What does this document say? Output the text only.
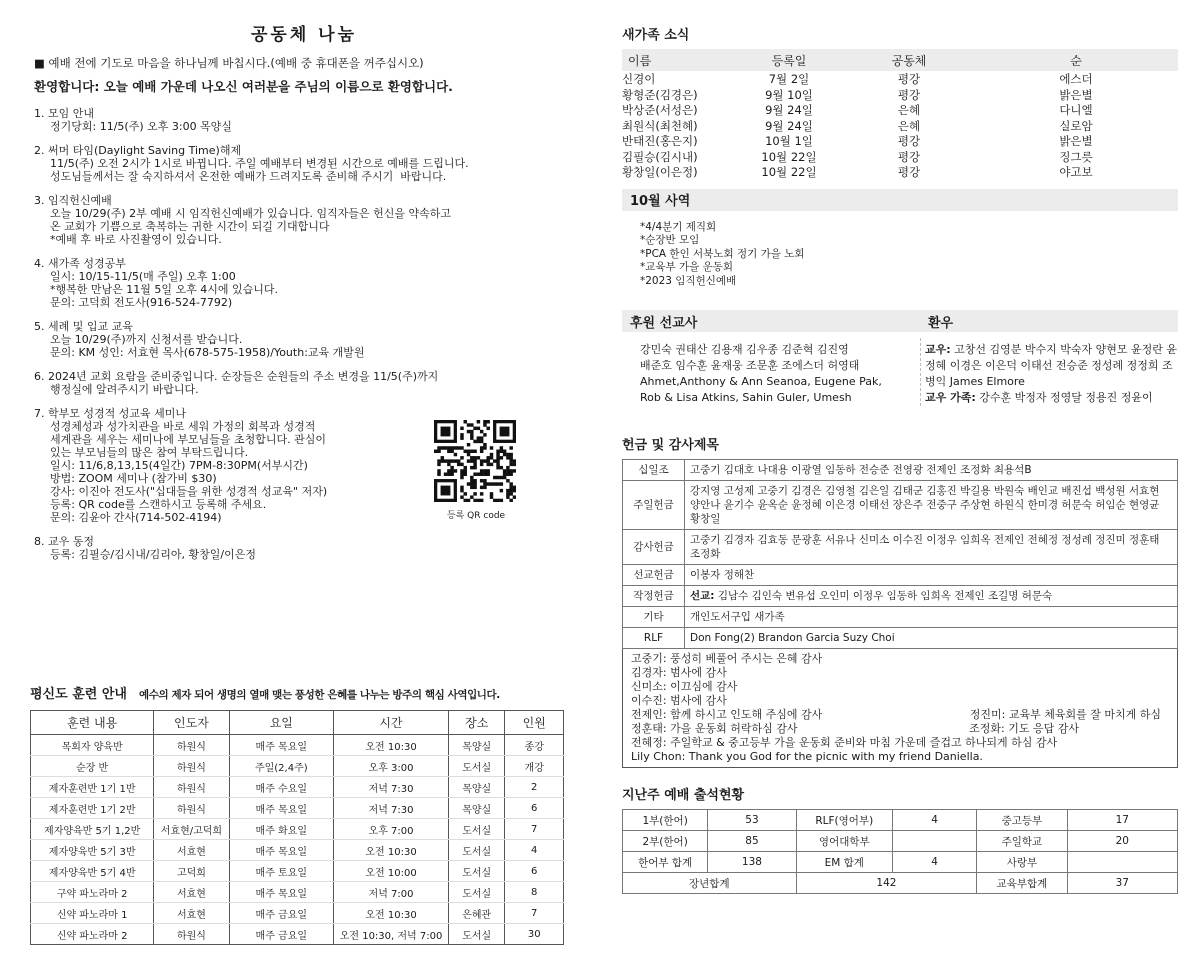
공동체 나눔
■ 예배 전에 기도로 마음을 하나님께 바칩시다.(예배 중 휴대폰을 꺼주십시오)
환영합니다: 오늘 예배 가운데 나오신 여러분을 주님의 이름으로 환영합니다.
1. 모임 안내
정기당회: 11/5(주) 오후 3:00 목양실
2. 써머 타임(Daylight Saving Time)해제
11/5(주) 오전 2시가 1시로 바뀝니다. 주일 예배부터 변경된 시간으로 예배를 드립니다.
성도님들께서는 잘 숙지하셔서 온전한 예배가 드려지도록 준비해 주시기  바랍니다.
3. 임직헌신예배
오늘 10/29(주) 2부 예배 시 임직헌신예배가 있습니다. 임직자들은 헌신을 약속하고
온 교회가 기쁨으로 축복하는 귀한 시간이 되길 기대합니다
*예배 후 바로 사진촬영이 있습니다.
4. 새가족 성경공부
일시: 10/15-11/5(매 주일) 오후 1:00
*행복한 만남은 11월 5일 오후 4시에 있습니다.
문의: 고덕희 전도사(916-524-7792)
5. 세례 및 입교 교육
오늘 10/29(주)까지 신청서를 받습니다.
문의: KM 성인: 서효현 목사(678-575-1958)/Youth:교육 개발원
6. 2024년 교회 요람을 준비중입니다. 순장들은 순원들의 주소 변경을 11/5(주)까지
행정실에 알려주시기 바랍니다.
7. 학부모 성경적 성교육 세미나
성경체성과 성가치관을 바로 세워 가정의 회복과 성경적
세계관을 세우는 세미나에 부모님들을 초청합니다. 관심이
있는 부모님들의 많은 참여 부탁드립니다.
일시: 11/6,8,13,15(4일간) 7PM-8:30PM(서부시간)
방법: ZOOM 세미나 (참가비 $30)
강사: 이진아 전도사("십대들을 위한 성경적 성교육" 저자)
등록: QR code를 스캔하시고 등록해 주세요.
문의: 김윤아 간사(714-502-4194)
8. 교우 동정
등록: 김필승/김시내/김리아, 황창일/이은정
등록 QR code
평신도 훈련 안내 예수의 제자 되어 생명의 열매 맺는 풍성한 은혜를 나누는 방주의 핵심 사역입니다.
훈련 내용	인도자	요일	시간	장소	인원
목회자 양육반	하원식	매주 목요일	오전 10:30	목양실	종강
순장 반	하원식	주일(2,4주)	오후 3:00	도서실	개강
제자훈련반 1기 1반	하원식	매주 수요일	저녁 7:30	목양실	2
제자훈련반 1기 2반	하원식	매주 목요일	저녁 7:30	목양실	6
제자양육반 5기 1,2반	서효현/고덕희	매주 화요일	오후 7:00	도서실	7
제자양육반 5기 3반	서효현	매주 목요일	오전 10:30	도서실	4
제자양육반 5기 4반	고덕희	매주 토요일	오전 10:00	도서실	6
구약 파노라마 2	서효현	매주 목요일	저녁 7:00	도서실	8
신약 파노라마 1	서효현	매주 금요일	오전 10:30	은혜관	7
신약 파노라마 2	하원식	매주 금요일	오전 10:30, 저녁 7:00	도서실	30
새가족 소식
이름	등록일	공동체	순
신경이	7월 2일	평강	에스더
황형준(김경은)	9월 10일	평강	밝은별
박상준(서성은)	9월 24일	은혜	다니엘
최원식(최천혜)	9월 24일	은혜	실로암
반태진(홍은지)	10월 1일	평강	밝은별
김필승(김시내)	10월 22일	평강	징그릇
황창일(이은정)	10월 22일	평강	야고보
10월 사역
*4/4분기 제직회
*순장반 모임
*PCA 한인 서북노회 정기 가을 노회
*교육부 가을 운동회
*2023 임직헌신예배
후원 선교사
강민숙 권태산 김용재 김우종 김준혁 김진영
배준호 임수훈 윤재웅 조문훈 조에스더 허영태
Ahmet,Anthony & Ann Seanoa, Eugene Pak,
Rob & Lisa Atkins, Sahin Guler, Umesh
환우
교우: 고창선 김영분 박수지 박숙자 양현모 윤정란 윤정혜 이경은 이은덕 이태선 전승준 정성례 정정희 조병익 James Elmore
교우 가족: 강수훈 박정자 정영달 정용진 정윤이
헌금 및 감사제목
십일조	고중기 김대호 나대용 이광열 임동하 전승준 전영광 전제인 조정화 최용석B
주일헌금	강지영 고성제 고중기 김경은 김영철 김은일 김태군 김홍진 박길용 박원숙 배인교 배진섭 백성원 서효현 양안나 윤기수 윤옥순 윤정혜 이은경 이태선 장은주 전중구 주상현 하원식 한미경 허문숙 허임순 현영균 황창일
감사헌금	고중기 김경자 김효동 문광훈 서유나 신미소 이수진 이정우 임희옥 전제인 전혜정 정성례 정진미 정훈태 조정화
선교헌금	이봉자 정해찬
작정헌금	선교: 김남수 김인숙 변유섭 오인미 이정우 임동하 임희옥 전제인 조길명 허문숙
기타	개인도서구입 새가족
RLF	Don Fong(2) Brandon Garcia Suzy Choi
고중기: 풍성히 베풀어 주시는 은혜 감사
김경자: 범사에 감사
신미소: 이끄심에 감사
이수진: 범사에 감사
전제인: 함께 하시고 인도해 주심에 감사	정진미: 교육부 체육회를 잘 마치게 하심
정훈태: 가을 운동회 허락하심 감사	조정화: 기도 응답 감사
전혜정: 주일학교 & 중고등부 가을 운동회 준비와 마침 가운데 즐겁고 하나되게 하심 감사
Lily Chon: Thank you God for the picnic with my friend Daniella.
지난주 예배 출석현황
1부(한어)	53	RLF(영어부)	4	중고등부	17
2부(한어)	85	영어대학부		주일학교	20
한어부 합계	138	EM 합계	4	사랑부	
장년합계		142		교육부합계	37
